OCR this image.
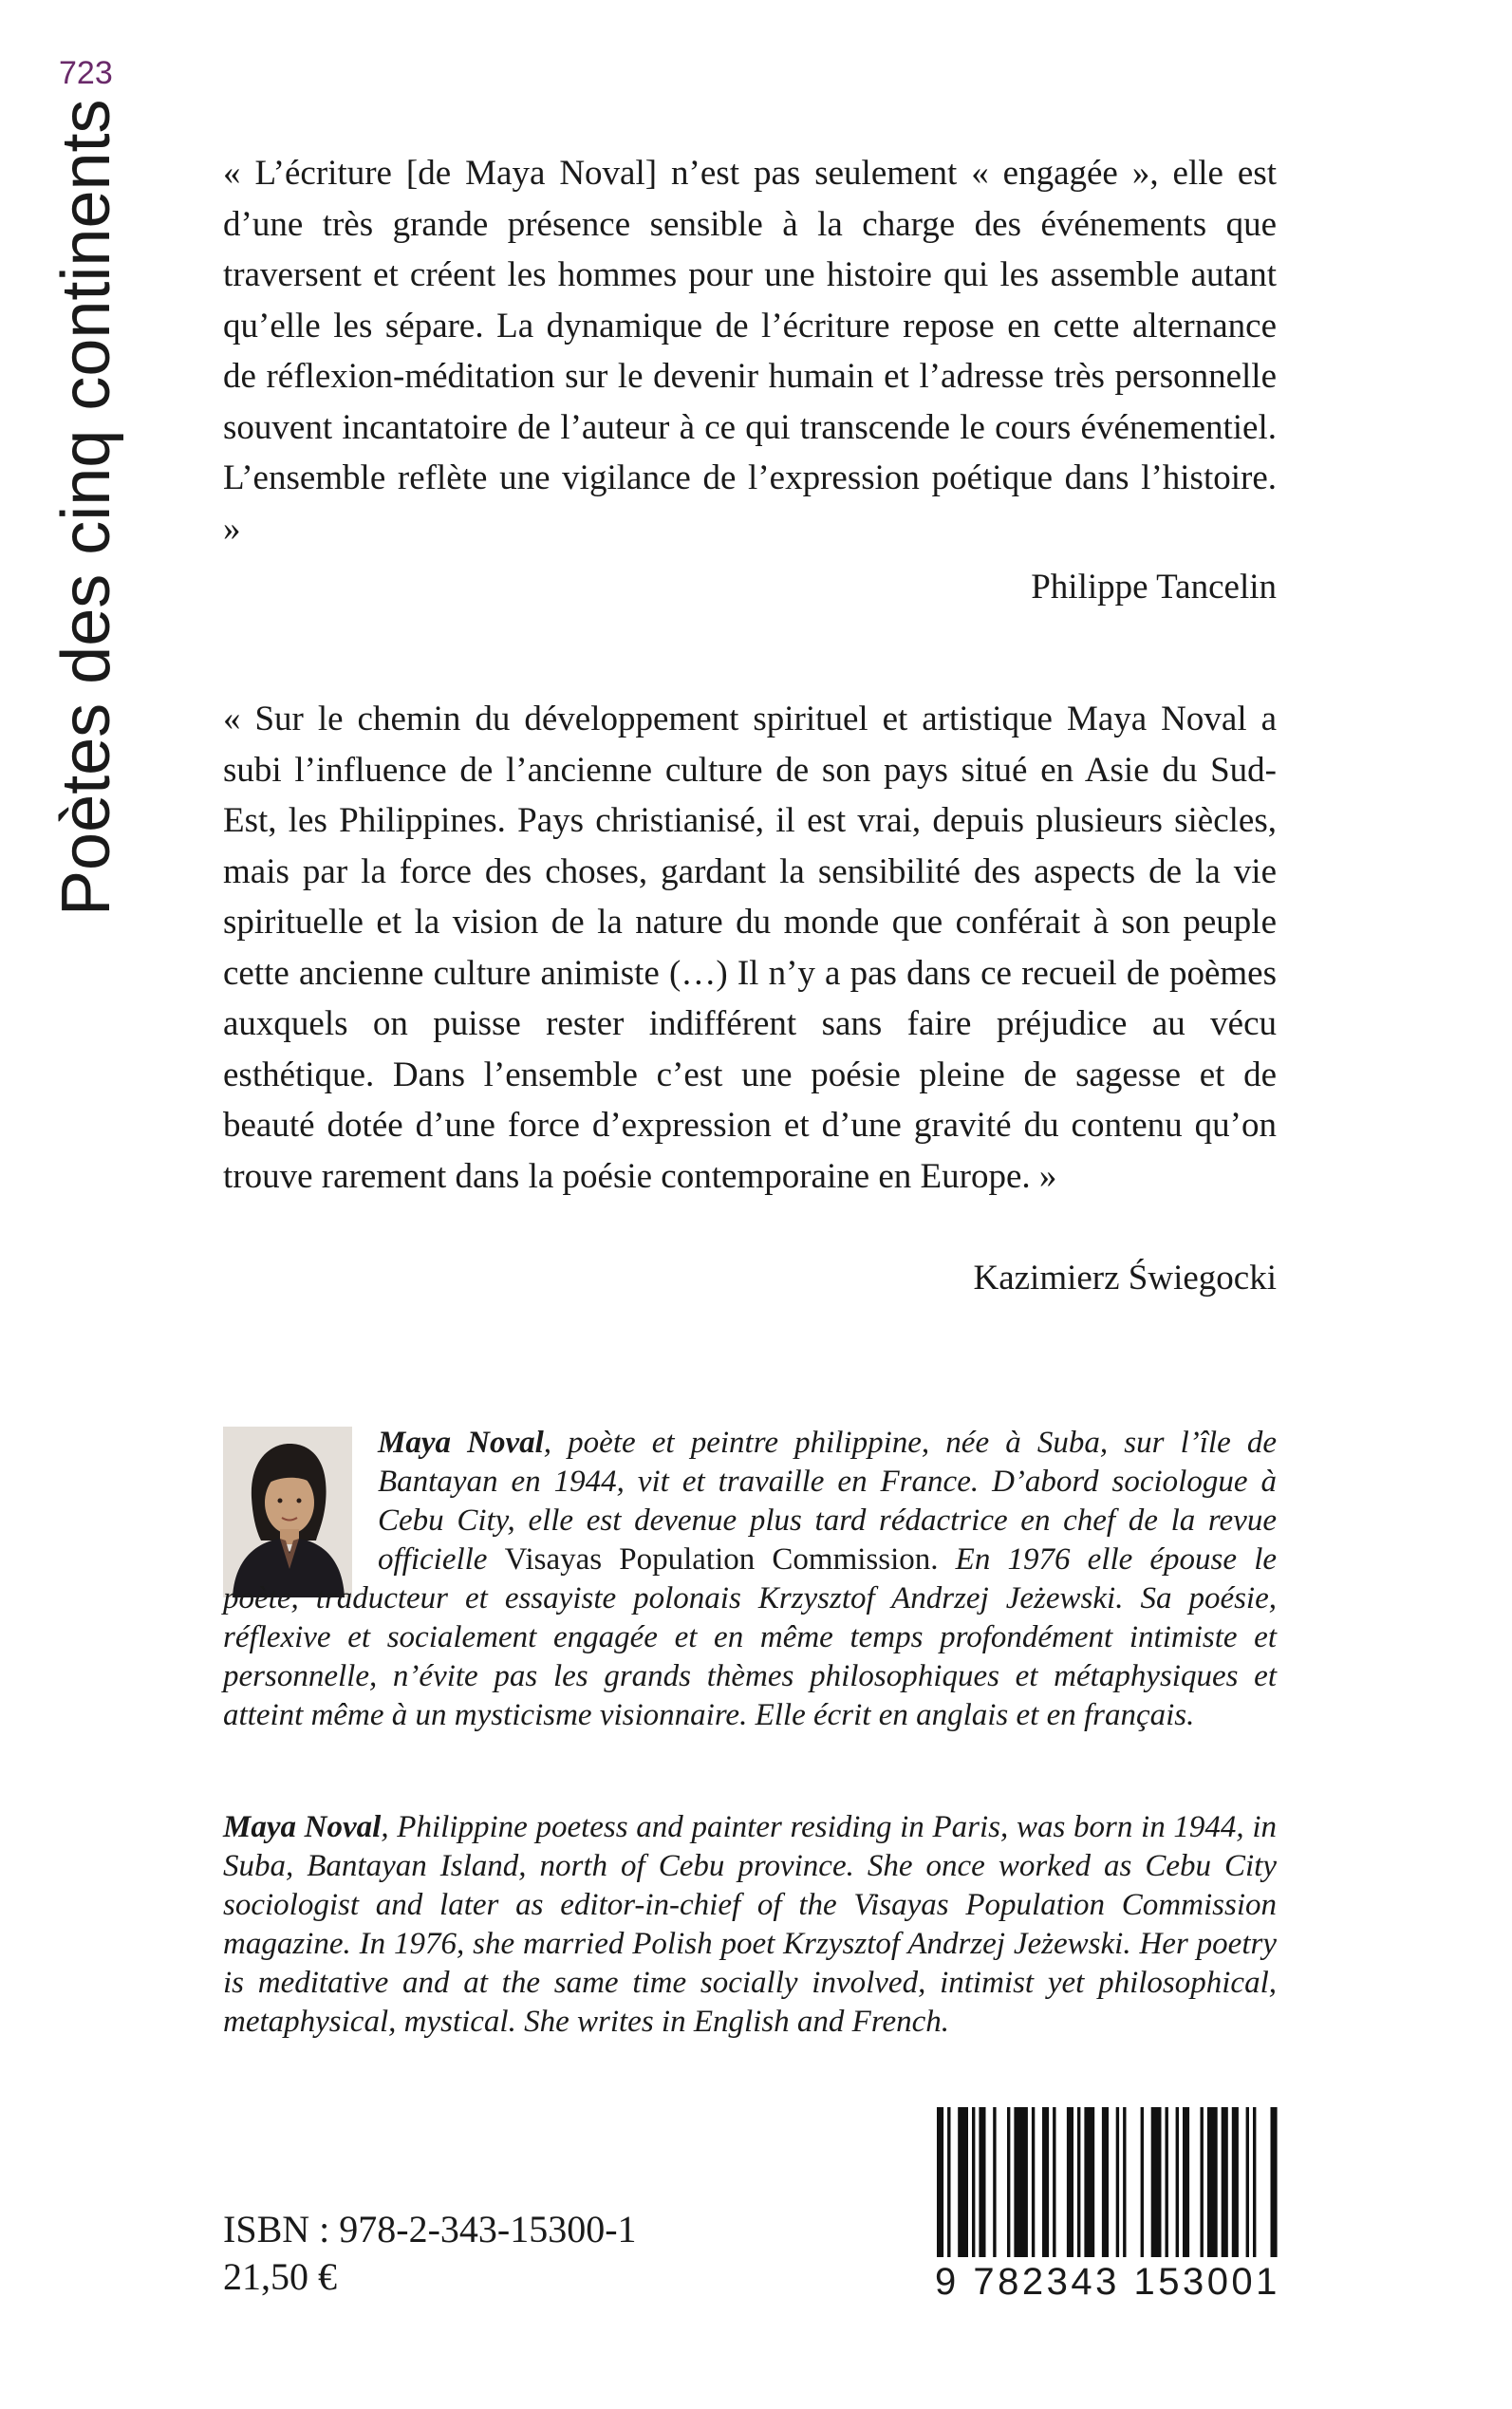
723
Poètes des cinq continents	« L’écriture [de Maya Noval] n’est pas seulement « engagée », elle est d’une très grande présence sensible à la charge des événements que traversent et créent les hommes pour une histoire qui les assemble autant qu’elle les sépare. La dynamique de l’écriture repose en cette alternance de réflexion-méditation sur le devenir humain et l’adresse très personnelle souvent incantatoire de l’auteur à ce qui transcende le cours événementiel. L’ensemble reflète une vigilance de l’expression poétique dans l’histoire. »

Philippe Tancelin

« Sur le chemin du développement spirituel et artistique Maya Noval a subi l’influence de l’ancienne culture de son pays situé en Asie du Sud-Est, les Philippines. Pays christianisé, il est vrai, depuis plusieurs siècles, mais par la force des choses, gardant la sensibilité des aspects de la vie spirituelle et la vision de la nature du monde que conférait à son peuple cette ancienne culture animiste (…) Il n’y a pas dans ce recueil de poèmes auxquels on puisse rester indifférent sans faire préjudice au vécu esthétique. Dans l’ensemble c’est une poésie pleine de sagesse et de beauté dotée d’une force d’expression et d’une gravité du contenu qu’on trouve rarement dans la poésie contemporaine en Europe. »

Kazimierz Świegocki

Maya Noval, poète et peintre philippine, née à Suba, sur l’île de Bantayan en 1944, vit et travaille en France. D’abord sociologue à Cebu City, elle est devenue plus tard rédactrice en chef de la revue officielle Visayas Population Commission. En 1976 elle épouse le poète, traducteur et essayiste polonais Krzysztof Andrzej Jeżewski. Sa poésie, réflexive et socialement engagée et en même temps profondément intimiste et personnelle, n’évite pas les grands thèmes philosophiques et métaphysiques et atteint même à un mysticisme visionnaire. Elle écrit en anglais et en français.

Maya Noval, Philippine poetess and painter residing in Paris, was born in 1944, in Suba, Bantayan Island, north of Cebu province. She once worked as Cebu City sociologist and later as editor-in-chief of the Visayas Population Commission magazine. In 1976, she married Polish poet Krzysztof Andrzej Jeżewski. Her poetry is meditative and at the same time socially involved, intimist yet philosophical, metaphysical, mystical. She writes in English and French.

ISBN : 978-2-343-15300-1

21,50 €	9 782343 153001
